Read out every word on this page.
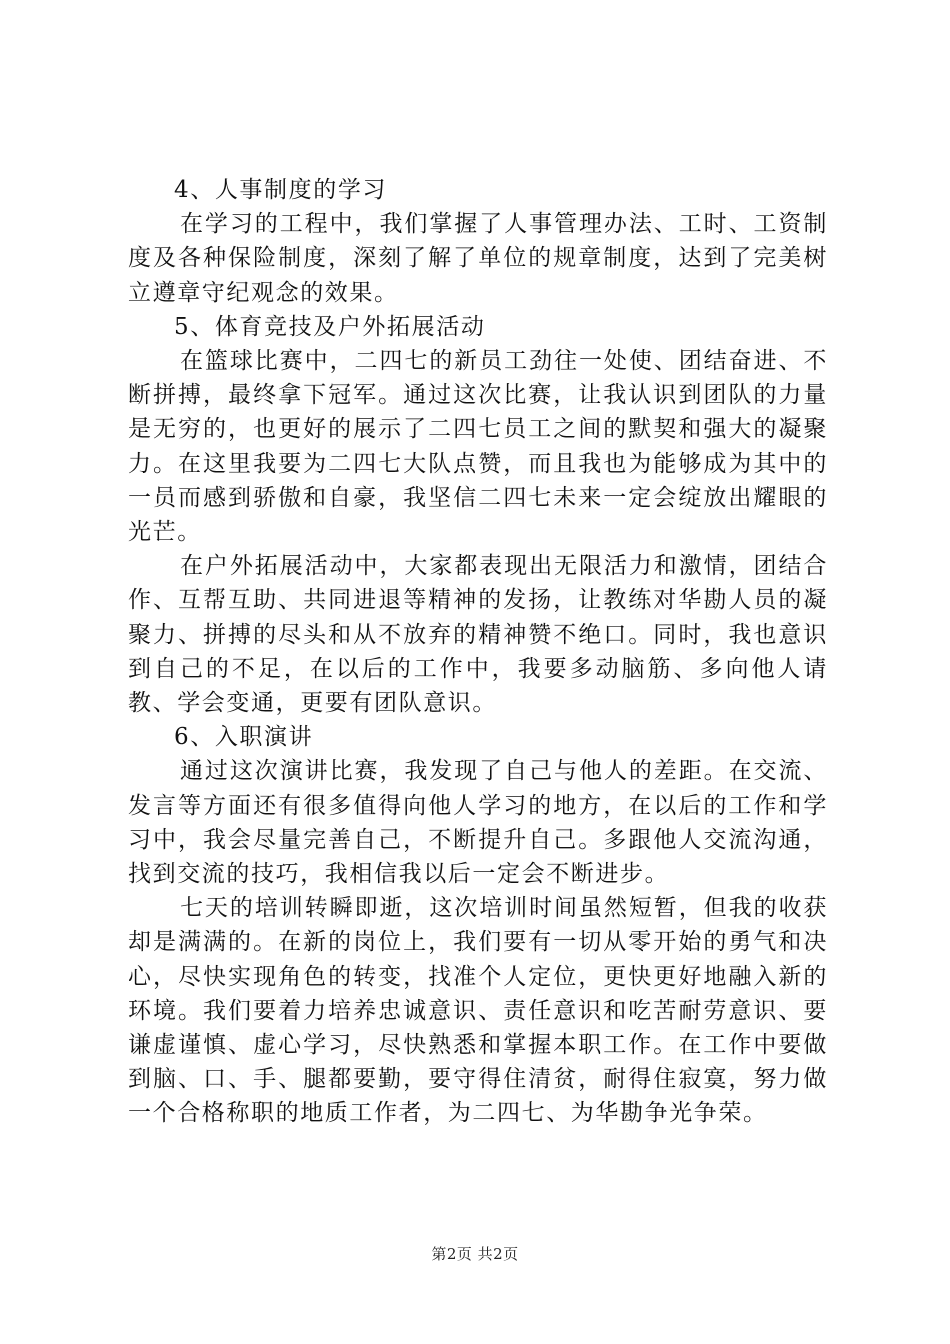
4、人事制度的学习

在学习的工程中，我们掌握了人事管理办法、工时、工资制度及各种保险制度，深刻了解了单位的规章制度，达到了完美树立遵章守纪观念的效果。

5、体育竞技及户外拓展活动

在篮球比赛中，二四七的新员工劲往一处使、团结奋进、不断拼搏，最终拿下冠军。通过这次比赛，让我认识到团队的力量是无穷的，也更好的展示了二四七员工之间的默契和强大的凝聚力。在这里我要为二四七大队点赞，而且我也为能够成为其中的一员而感到骄傲和自豪，我坚信二四七未来一定会绽放出耀眼的光芒。

在户外拓展活动中，大家都表现出无限活力和激情，团结合作、互帮互助、共同进退等精神的发扬，让教练对华勘人员的凝聚力、拼搏的尽头和从不放弃的精神赞不绝口。同时，我也意识到自己的不足，在以后的工作中，我要多动脑筋、多向他人请教、学会变通，更要有团队意识。

6、入职演讲

通过这次演讲比赛，我发现了自己与他人的差距。在交流、发言等方面还有很多值得向他人学习的地方，在以后的工作和学习中，我会尽量完善自己，不断提升自己。多跟他人交流沟通，找到交流的技巧，我相信我以后一定会不断进步。

七天的培训转瞬即逝，这次培训时间虽然短暂，但我的收获却是满满的。在新的岗位上，我们要有一切从零开始的勇气和决心，尽快实现角色的转变，找准个人定位，更快更好地融入新的环境。我们要着力培养忠诚意识、责任意识和吃苦耐劳意识、要谦虚谨慎、虚心学习，尽快熟悉和掌握本职工作。在工作中要做到脑、口、手、腿都要勤，要守得住清贫，耐得住寂寞，努力做一个合格称职的地质工作者，为二四七、为华勘争光争荣。

第2页 共2页
